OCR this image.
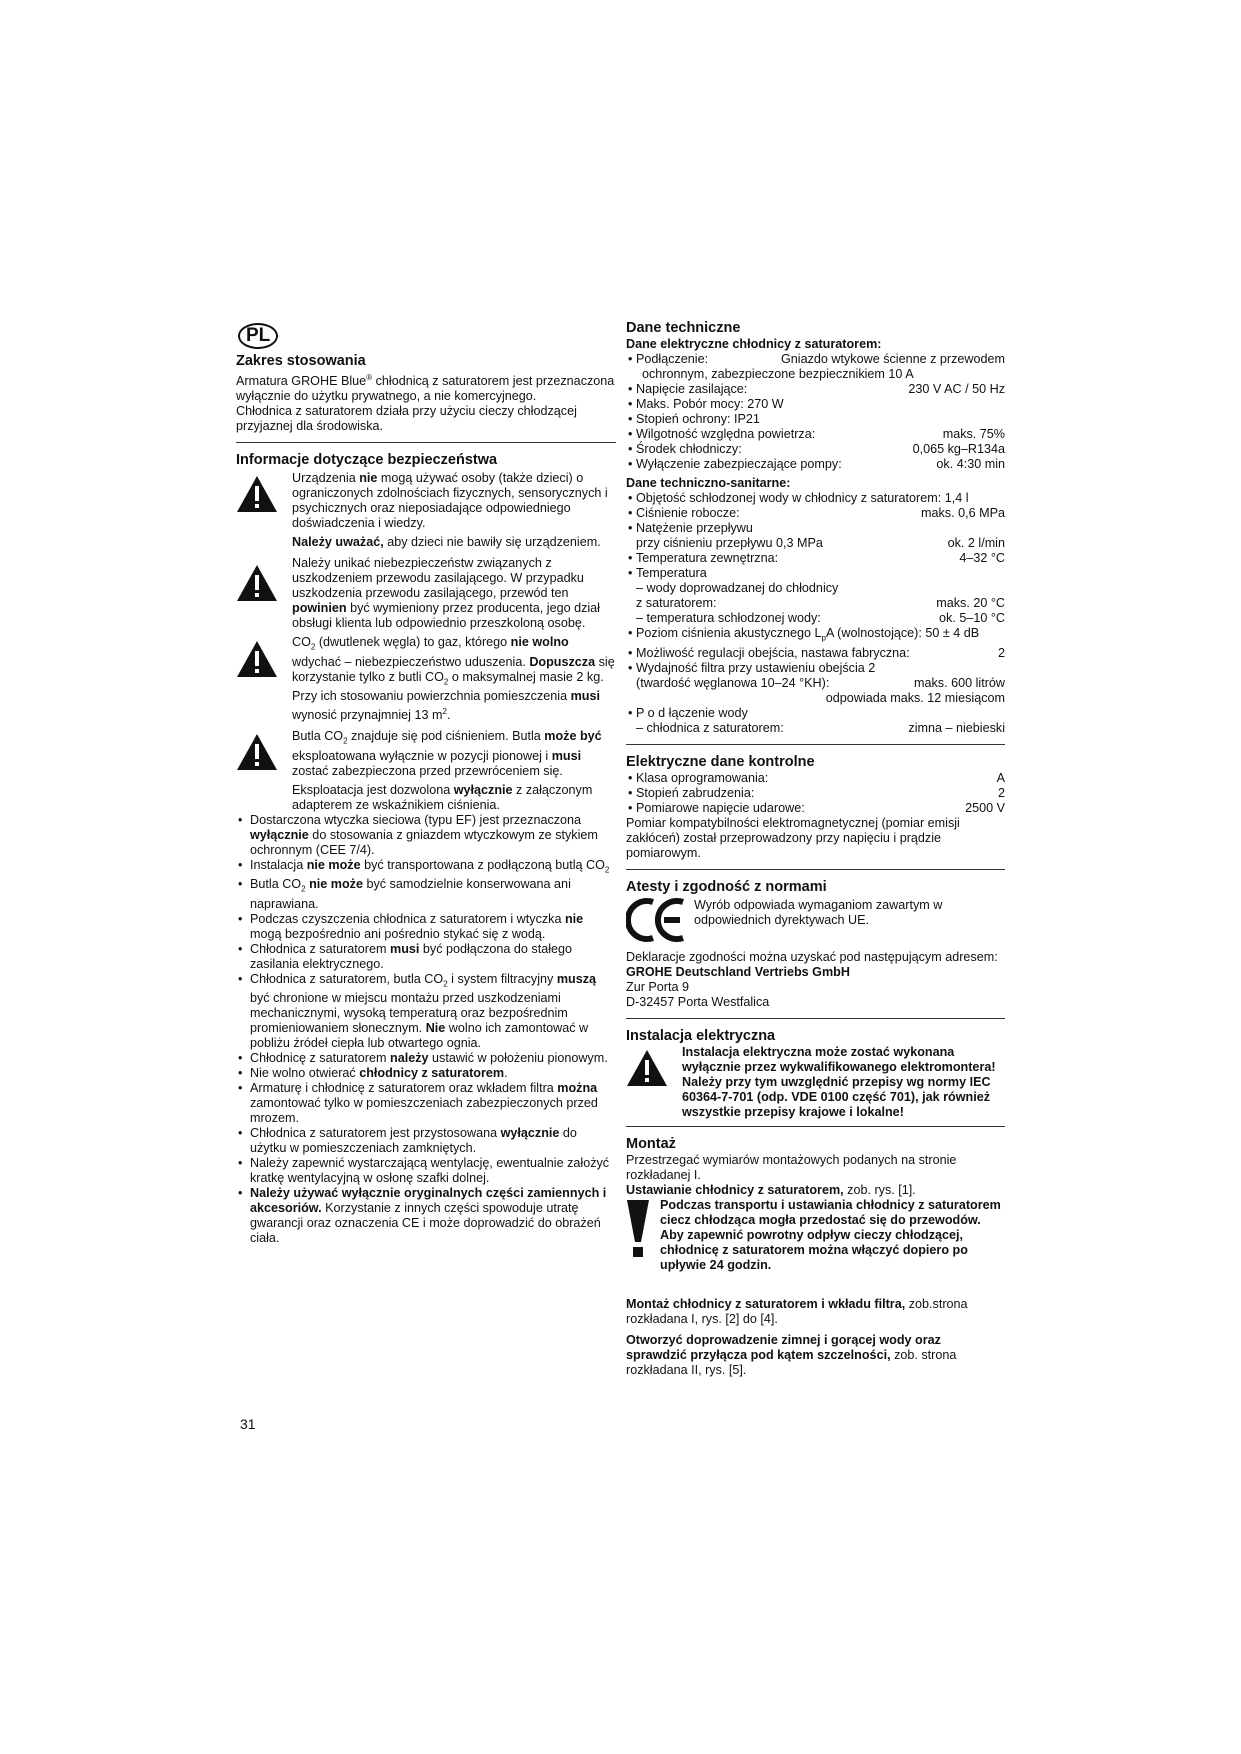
PL
Zakres stosowania

Armatura GROHE Blue® chłodnicą z saturatorem jest przeznaczona wyłącznie do użytku prywatnego, a nie komercyjnego.

Chłodnica z saturatorem działa przy użyciu cieczy chłodzącej przyjaznej dla środowiska.

Informacje dotyczące bezpieczeństwa

Urządzenia nie mogą używać osoby (także dzieci) o ograniczonych zdolnościach fizycznych, sensorycznych i psychicznych oraz nieposiadające odpowiedniego doświadczenia i wiedzy.

Należy uważać, aby dzieci nie bawiły się urządzeniem.

Należy unikać niebezpieczeństw związanych z uszkodzeniem przewodu zasilającego. W przypadku uszkodzenia przewodu zasilającego, przewód ten powinien być wymieniony przez producenta, jego dział obsługi klienta lub odpowiednio przeszkoloną osobę.

$CO_2$ (dwutlenek węgla) to gaz, którego nie wolno wdychać – niebezpieczeństwo uduszenia. Dopuszcza się korzystanie tylko z butli $CO_2$ o maksymalnej masie 2 kg. Przy ich stosowaniu powierzchnia pomieszczenia musi wynosić przynajmniej 13 $m^2$.

Butla $CO_2$ znajduje się pod ciśnieniem. Butla może być eksploatowana wyłącznie w pozycji pionowej i musi zostać zabezpieczona przed przewróceniem się.

Eksploatacja jest dozwolona wyłącznie z załączonym adapterem ze wskaźnikiem ciśnienia.

• Dostarczona wtyczka sieciowa (typu EF) jest przeznaczona wyłącznie do stosowania z gniazdem wtyczkowym ze stykiem ochronnym (CEE 7/4).
• Instalacja nie może być transportowana z podłączoną butlą $CO_2$
• Butla $CO_2$ nie może być samodzielnie konserwowana ani naprawiana.
• Podczas czyszczenia chłodnica z saturatorem i wtyczka nie mogą bezpośrednio ani pośrednio stykać się z wodą.
• Chłodnica z saturatorem musi być podłączona do stałego zasilania elektrycznego.
• Chłodnica z saturatorem, butla $CO_2$ i system filtracyjny muszą być chronione w miejscu montażu przed uszkodzeniami mechanicznymi, wysoką temperaturą oraz bezpośrednim promieniowaniem słonecznym. Nie wolno ich zamontować w pobliżu źródeł ciepła lub otwartego ognia.
• Chłodnicę z saturatorem należy ustawić w położeniu pionowym.
• Nie wolno otwierać chłodnicy z saturatorem.
• Armaturę i chłodnicę z saturatorem oraz wkładem filtra można zamontować tylko w pomieszczeniach zabezpieczonych przed mrozem.
• Chłodnica z saturatorem jest przystosowana wyłącznie do użytku w pomieszczeniach zamkniętych.
• Należy zapewnić wystarczającą wentylację, ewentualnie założyć kratkę wentylacyjną w osłonę szafki dolnej.
• Należy używać wyłącznie oryginalnych części zamiennych i akcesoriów. Korzystanie z innych części spowoduje utratę gwarancji oraz oznaczenia CE i może doprowadzić do obrażeń ciała.
Dane techniczne
Dane elektryczne chłodnicy z saturatorem:
• Podłączenie:	Gniazdo wtykowe ścienne z przewodem
ochronnym, zabezpieczone bezpiecznikiem 10 A
• Napięcie zasilające:	230 V AC / 50 Hz
• Maks. Pobór mocy: 270 W
• Stopień ochrony: IP21
• Wilgotność względna powietrza:	maks. 75%
• Środek chłodniczy:	0,065 kg–R134a
• Wyłączenie zabezpieczające pompy:	ok. 4:30 min
Dane techniczno-sanitarne:
• Objętość schłodzonej wody w chłodnicy z saturatorem: 1,4 l
• Ciśnienie robocze:	maks. 0,6 MPa
• Natężenie przepływu
przy ciśnieniu przepływu 0,3 MPa	ok. 2 l/min
• Temperatura zewnętrzna:	4–32 °C
• Temperatura
– wody doprowadzanej do chłodnicy
z saturatorem:	maks. 20 °C
– temperatura schłodzonej wody:	ok. 5–10 °C
• Poziom ciśnienia akustycznego $L_pA$ (wolnostojące): 50 ± 4 dB
• Możliwość regulacji obejścia, nastawa fabryczna:	2
• Wydajność filtra przy ustawieniu obejścia 2
(twardość węglanowa 10–24 °KH):	maks. 600 litrów
odpowiada maks. 12 miesiącom
• P o d łączenie wody
– chłodnica z saturatorem:	zimna – niebieski
Elektryczne dane kontrolne
• Klasa oprogramowania:	A
• Stopień zabrudzenia:	2
• Pomiarowe napięcie udarowe:	2500 V

Pomiar kompatybilności elektromagnetycznej (pomiar emisji zakłóceń) został przeprowadzony przy napięciu i prądzie pomiarowym.

Atesty i zgodność z normami

Wyrób odpowiada wymaganiom zawartym w odpowiednich dyrektywach UE.

Deklaracje zgodności można uzyskać pod następującym adresem:

GROHE Deutschland Vertriebs GmbH

Zur Porta 9

D-32457 Porta Westfalica

Instalacja elektryczna

Instalacja elektryczna może zostać wykonana wyłącznie przez wykwalifikowanego elektromontera! Należy przy tym uwzględnić przepisy wg normy IEC 60364-7-701 (odp. VDE 0100 część 701), jak również wszystkie przepisy krajowe i lokalne!

Montaż

Przestrzegać wymiarów montażowych podanych na stronie rozkładanej I.

Ustawianie chłodnicy z saturatorem, zob. rys. [1].

Podczas transportu i ustawiania chłodnicy z saturatorem ciecz chłodząca mogła przedostać się do przewodów. Aby zapewnić powrotny odpływ cieczy chłodzącej, chłodnicę z saturatorem można włączyć dopiero po upływie 24 godzin.

Montaż chłodnicy z saturatorem i wkładu filtra, zob.strona rozkładana I, rys. [2] do [4].

Otworzyć doprowadzenie zimnej i gorącej wody oraz sprawdzić przyłącza pod kątem szczelności, zob. strona rozkładana II, rys. [5].

31
